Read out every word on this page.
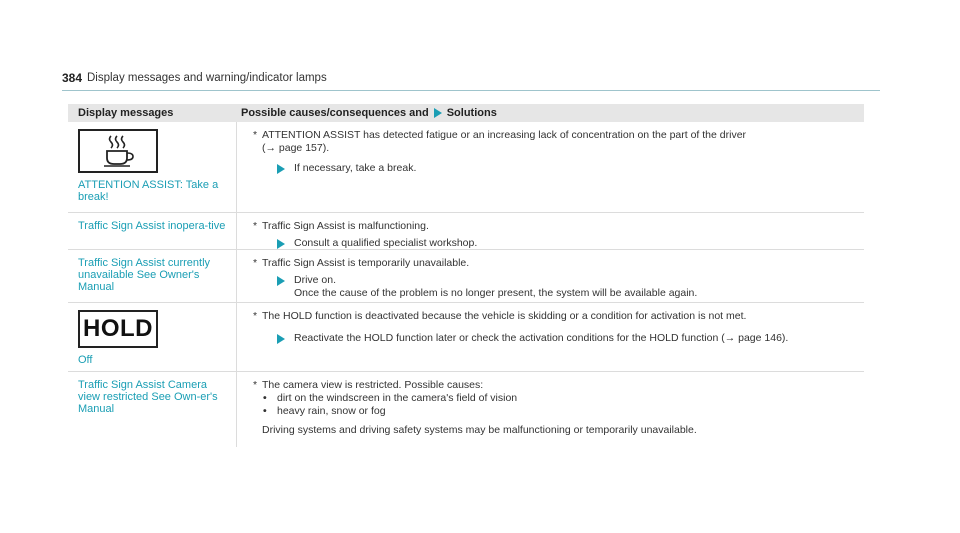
384 Display messages and warning/indicator lamps
Display messages	Possible causes/consequences and Solutions
ATTENTION ASSIST: Take a break!
* ATTENTION ASSIST has detected fatigue or an increasing lack of concentration on the part of the driver
(→ page 157).
If necessary, take a break.
Traffic Sign Assist inopera-tive	* Traffic Sign Assist is malfunctioning.
Consult a qualified specialist workshop.
Traffic Sign Assist currently unavailable See Owner's Manual
* Traffic Sign Assist is temporarily unavailable.
Drive on.
Once the cause of the problem is no longer present, the system will be available again.
HOLD
Off
* The HOLD function is deactivated because the vehicle is skidding or a condition for activation is not met.
Reactivate the HOLD function later or check the activation conditions for the HOLD function (→ page 146).
Traffic Sign Assist Camera view restricted See Own-er's Manual
* The camera view is restricted. Possible causes:
• dirt on the windscreen in the camera's field of vision
• heavy rain, snow or fog
Driving systems and driving safety systems may be malfunctioning or temporarily unavailable.
